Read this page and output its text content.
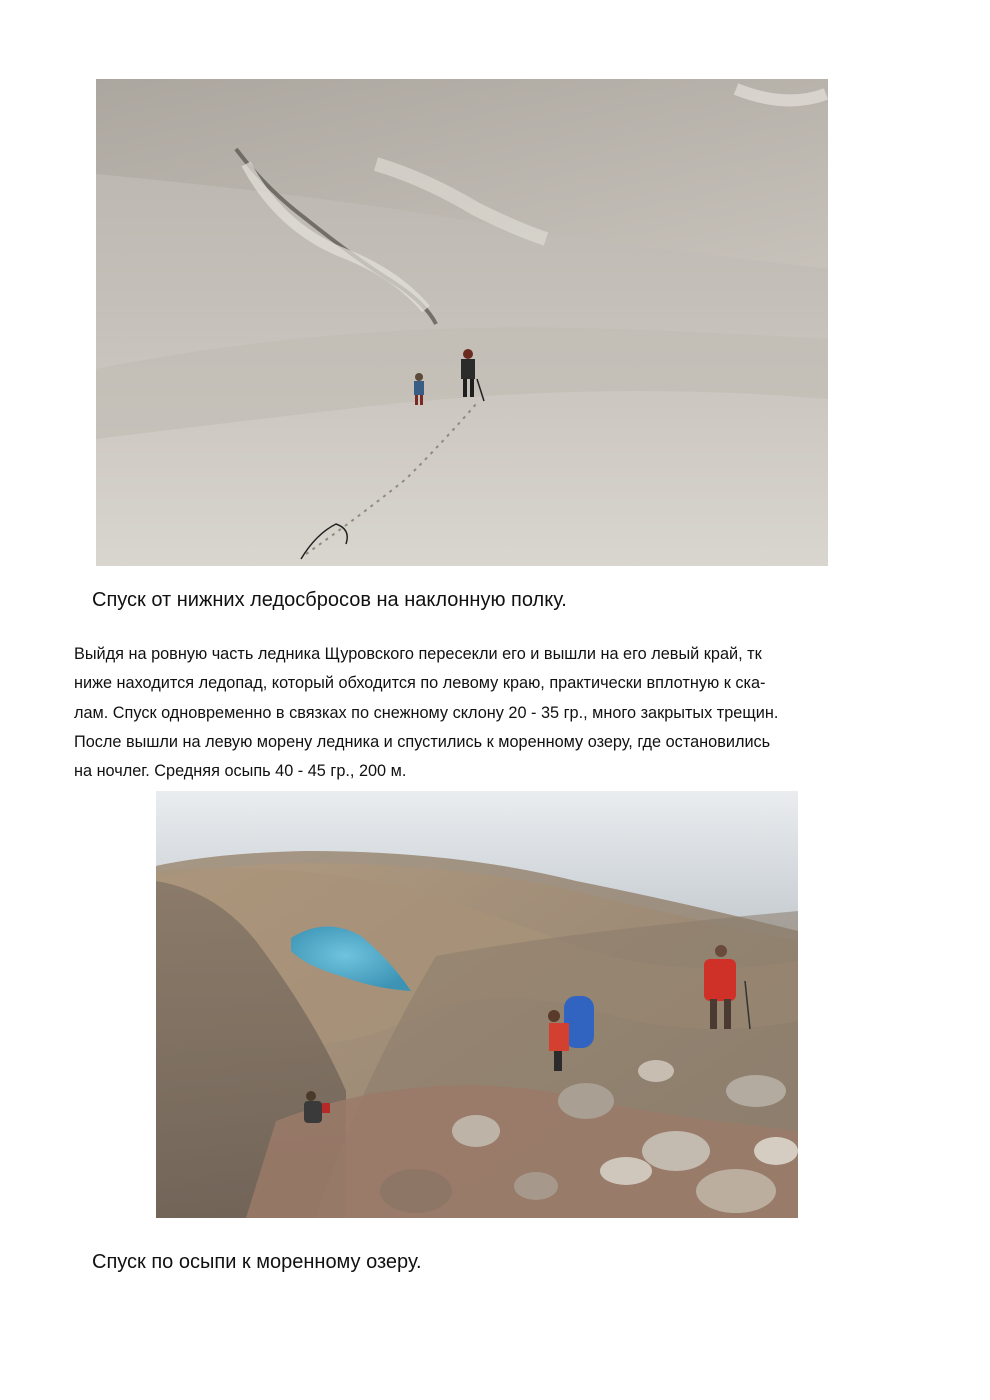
Спуск от нижних ледосбросов на наклонную полку.

Выйдя на ровную часть ледника Щуровского пересекли его и вышли на его левый край, тк
ниже находится ледопад, который обходится по левому краю, практически вплотную к ска-
лам. Спуск одновременно в связках по снежному склону 20 - 35 гр., много закрытых трещин.
После вышли на левую морену ледника и спустились к моренному озеру, где остановились
на ночлег. Средняя осыпь 40 - 45 гр., 200 м.

Спуск по осыпи к моренному озеру.
